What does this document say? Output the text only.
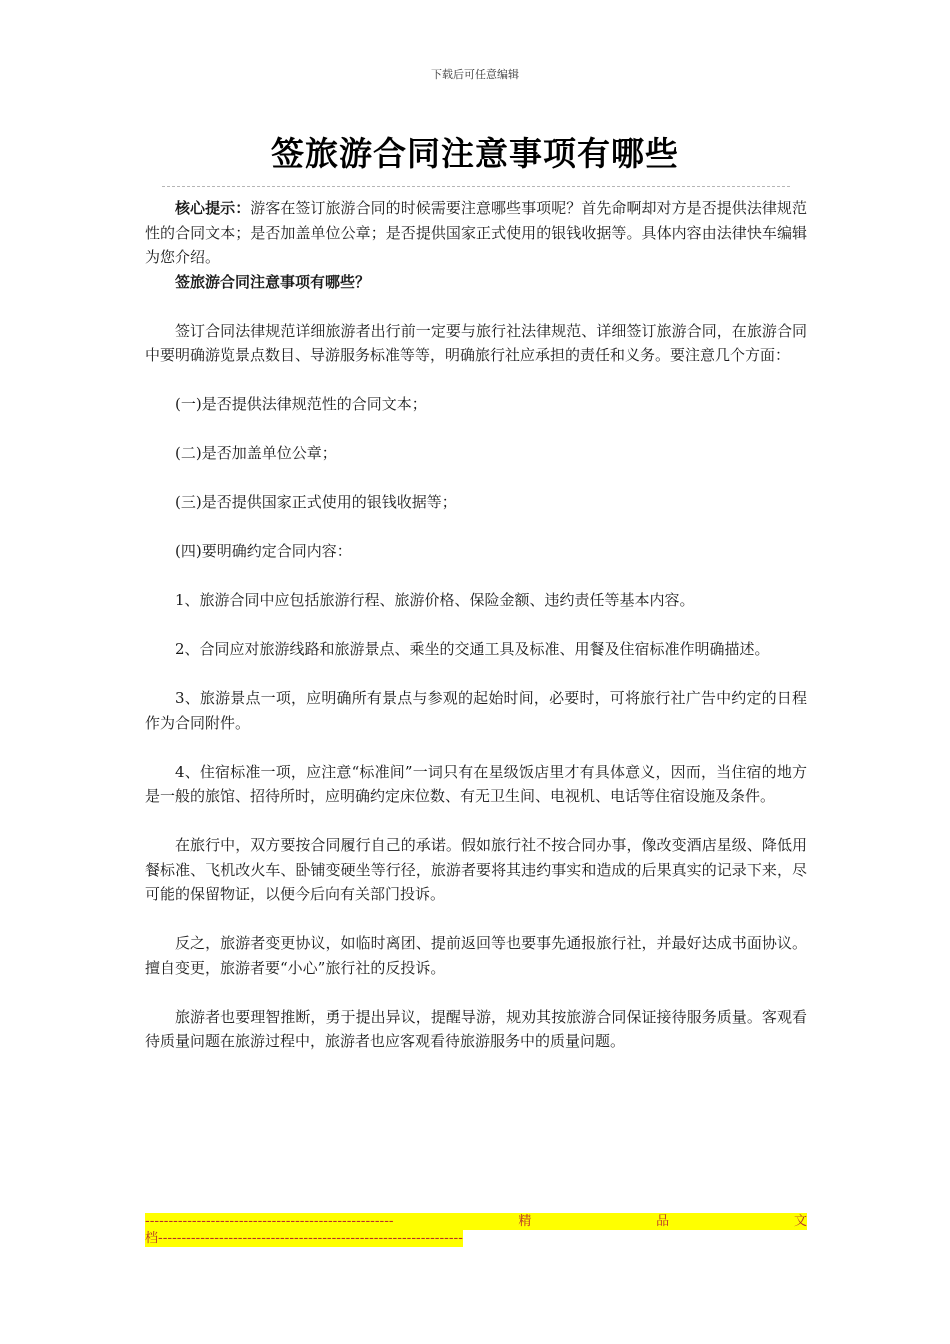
下载后可任意编辑
签旅游合同注意事项有哪些

核心提示：游客在签订旅游合同的时候需要注意哪些事项呢？首先命啊却对方是否提供法律规范性的合同文本；是否加盖单位公章；是否提供国家正式使用的银钱收据等。具体内容由法律快车编辑为您介绍。

签旅游合同注意事项有哪些？

签订合同法律规范详细旅游者出行前一定要与旅行社法律规范、详细签订旅游合同，在旅游合同中要明确游览景点数目、导游服务标准等等，明确旅行社应承担的责任和义务。要注意几个方面：

(一)是否提供法律规范性的合同文本；

(二)是否加盖单位公章；

(三)是否提供国家正式使用的银钱收据等；

(四)要明确约定合同内容：

1、旅游合同中应包括旅游行程、旅游价格、保险金额、违约责任等基本内容。

2、合同应对旅游线路和旅游景点、乘坐的交通工具及标准、用餐及住宿标准作明确描述。

3、旅游景点一项，应明确所有景点与参观的起始时间，必要时，可将旅行社广告中约定的日程作为合同附件。

4、住宿标准一项，应注意“标准间”一词只有在星级饭店里才有具体意义，因而，当住宿的地方是一般的旅馆、招待所时，应明确约定床位数、有无卫生间、电视机、电话等住宿设施及条件。

在旅行中，双方要按合同履行自己的承诺。假如旅行社不按合同办事，像改变酒店星级、降低用餐标准、飞机改火车、卧铺变硬坐等行径，旅游者要将其违约事实和造成的后果真实的记录下来，尽可能的保留物证，以便今后向有关部门投诉。

反之，旅游者变更协议，如临时离团、提前返回等也要事先通报旅行社，并最好达成书面协议。擅自变更，旅游者要“小心”旅行社的反投诉。

旅游者也要理智推断，勇于提出异议，提醒导游，规劝其按旅游合同保证接待服务质量。客观看待质量问题在旅游过程中，旅游者也应客观看待旅游服务中的质量问题。

-----------------------------------------------------	精	品	文
档-----------------------------------------------------------------
